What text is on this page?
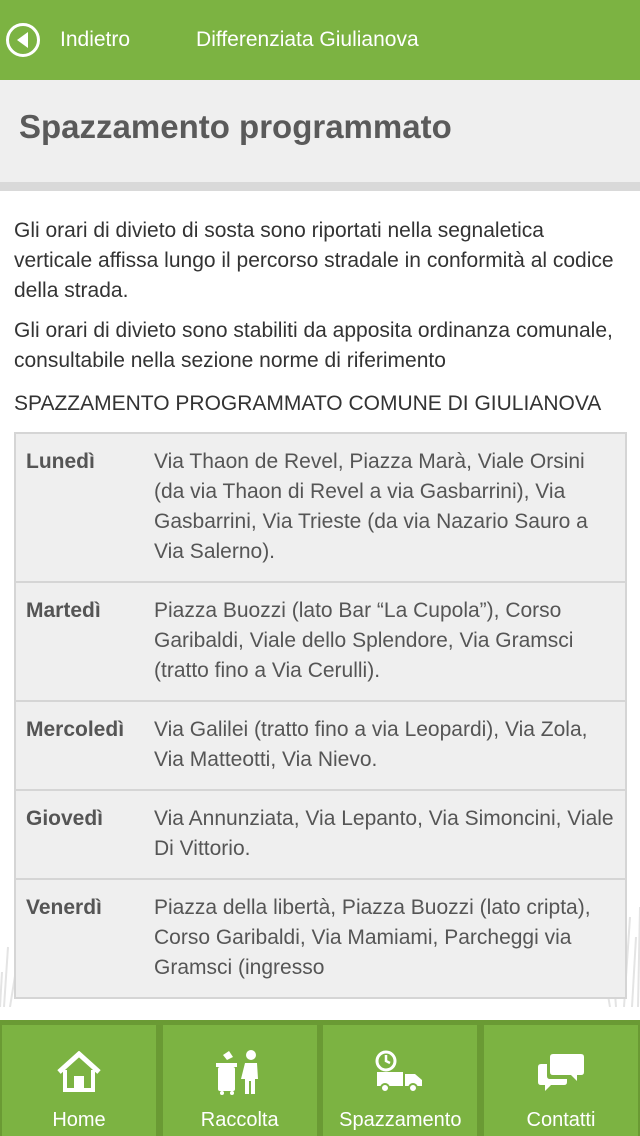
Indietro	Differenziata Giulianova
Spazzamento programmato

Gli orari di divieto di sosta sono riportati nella segnaletica verticale affissa lungo il percorso stradale in conformità al codice della strada.

Gli orari di divieto sono stabiliti da apposita ordinanza comunale, consultabile nella sezione norme di riferimento

SPAZZAMENTO PROGRAMMATO COMUNE DI GIULIANOVA

Lunedì	Via Thaon de Revel, Piazza Marà, Viale Orsini (da via Thaon di Revel a via Gasbarrini), Via Gasbarrini, Via Trieste (da via Nazario Sauro a Via Salerno).
Martedì	Piazza Buozzi (lato Bar “La Cupola”), Corso Garibaldi, Viale dello Splendore, Via Gramsci (tratto fino a Via Cerulli).
Mercoledì	Via Galilei (tratto fino a via Leopardi), Via Zola, Via Matteotti, Via Nievo.
Giovedì	Via Annunziata, Via Lepanto, Via Simoncini, Viale Di Vittorio.
Venerdì	Piazza della libertà, Piazza Buozzi (lato cripta), Corso Garibaldi, Via Mamiami, Parcheggi via Gramsci (ingresso
Home	Raccolta	Spazzamento	Contatti
